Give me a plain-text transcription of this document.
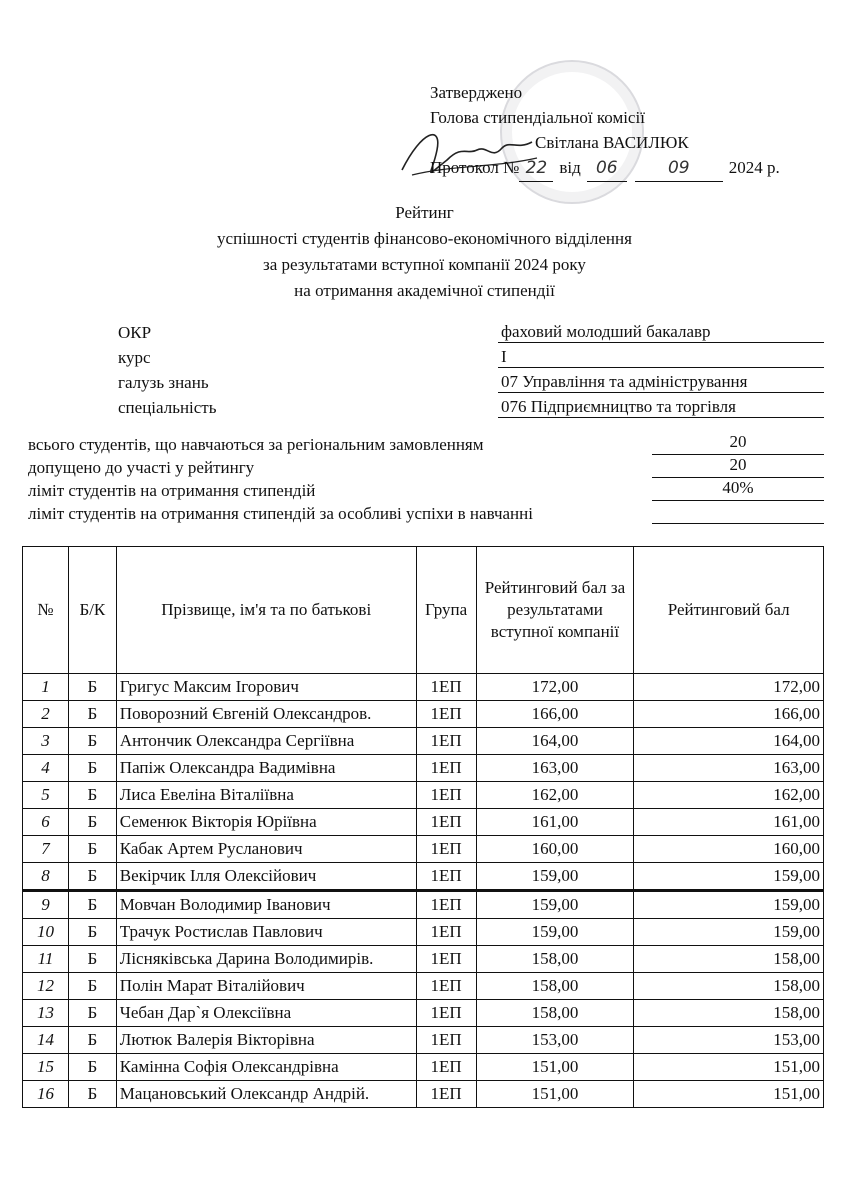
Затверджено
Голова стипендіальної комісії
Світлана ВАСИЛЮК
Протокол № 22 від 06	09	2024 р.
Рейтинг
успішності студентів фінансово-економічного відділення
за результатами вступної компанії 2024 року
на отримання академічної стипендії
ОКР	фаховий молодший бакалавр
курс	І
галузь знань	07 Управління та адміністрування
спеціальність	076 Підприємництво та торгівля
всього студентів, що навчаються за регіональним замовленням	20
допущено до участі у рейтингу	20
ліміт студентів на отримання стипендій	40%
ліміт студентів на отримання стипендій за особливі успіхи в навчанні
№	Б/К	Прізвище, ім'я та по батькові	Група	Рейтинговий бал за результатами вступної компанії	Рейтинговий бал
1	Б	Григус Максим Ігорович	1ЕП	172,00	172,00
2	Б	Поворозний Євгеній Олександров.	1ЕП	166,00	166,00
3	Б	Антончик Олександра Сергіївна	1ЕП	164,00	164,00
4	Б	Папіж Олександра Вадимівна	1ЕП	163,00	163,00
5	Б	Лиса Евеліна Віталіївна	1ЕП	162,00	162,00
6	Б	Семенюк Вікторія Юріївна	1ЕП	161,00	161,00
7	Б	Кабак Артем Русланович	1ЕП	160,00	160,00
8	Б	Векірчик Ілля Олексійович	1ЕП	159,00	159,00
9	Б	Мовчан Володимир Іванович	1ЕП	159,00	159,00
10	Б	Трачук Ростислав Павлович	1ЕП	159,00	159,00
11	Б	Лісняківська Дарина Володимирів.	1ЕП	158,00	158,00
12	Б	Полін Марат Віталійович	1ЕП	158,00	158,00
13	Б	Чебан Дар`я Олексіївна	1ЕП	158,00	158,00
14	Б	Лютюк Валерія Вікторівна	1ЕП	153,00	153,00
15	Б	Камінна Софія Олександрівна	1ЕП	151,00	151,00
16	Б	Мацановський Олександр Андрій.	1ЕП	151,00	151,00
